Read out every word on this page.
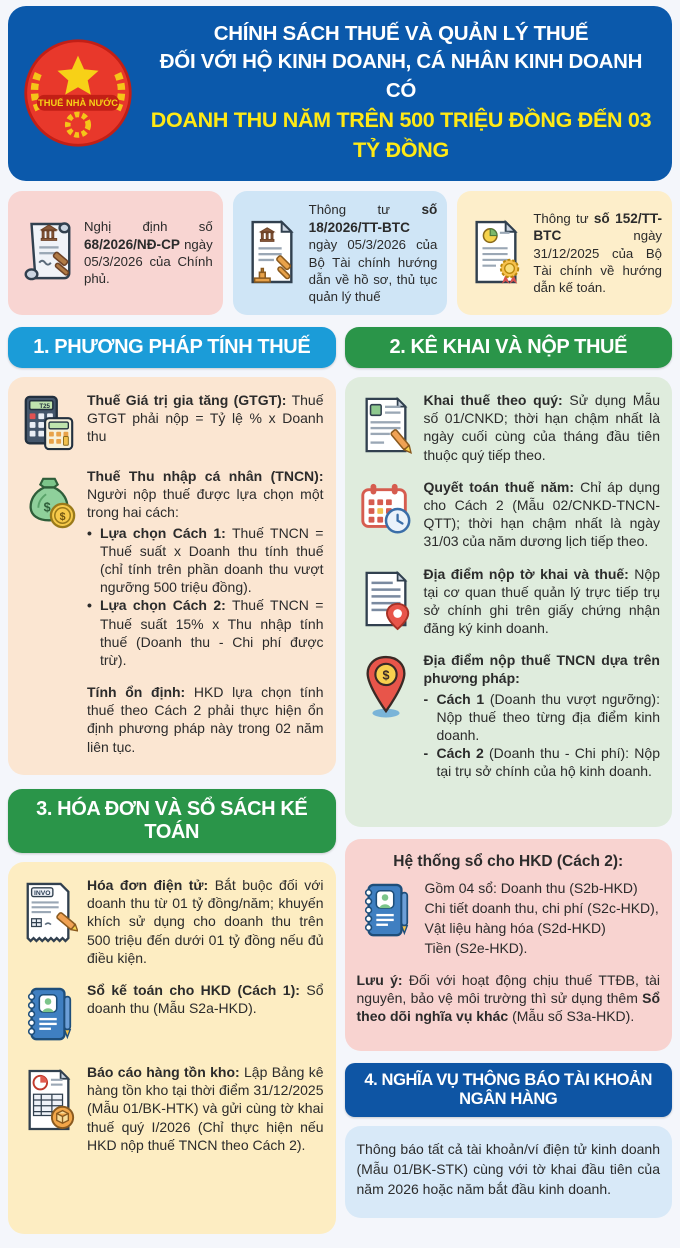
THUẾ NHÀ NƯỚC
CHÍNH SÁCH THUẾ VÀ QUẢN LÝ THUẾ
ĐỐI VỚI HỘ KINH DOANH, CÁ NHÂN KINH DOANH CÓ
DOANH THU NĂM TRÊN 500 TRIỆU ĐỒNG ĐẾN 03 TỶ ĐỒNG

Nghị định số 68/2026/NĐ-CP ngày 05/3/2026 của Chính phủ.

Thông tư số 18/2026/TT-BTC ngày 05/3/2026 của Bộ Tài chính hướng dẫn về hồ sơ, thủ tục quản lý thuế

Thông tư số 152/TT-BTC ngày 31/12/2025 của Bộ Tài chính về hướng dẫn kế toán.

1. PHƯƠNG PHÁP TÍNH THUẾ
T25	Thuế Giá trị gia tăng (GTGT): Thuế GTGT phải nộp = Tỷ lệ % x Doanh thu

$
$

Thuế Thu nhập cá nhân (TNCN): Người nộp thuế được lựa chọn một trong hai cách:

• Lựa chọn Cách 1: Thuế TNCN = Thuế suất x Doanh thu tính thuế (chỉ tính trên phần doanh thu vượt ngưỡng 500 triệu đồng).

• Lựa chọn Cách 2: Thuế TNCN = Thuế suất 15% x Thu nhập tính thuế (Doanh thu - Chi phí được trừ).

Tính ổn định: HKD lựa chọn tính thuế theo Cách 2 phải thực hiện ổn định phương pháp này trong 02 năm liên tục.

3. HÓA ĐƠN VÀ SỔ SÁCH KẾ TOÁN
INVO

Hóa đơn điện tử: Bắt buộc đối với doanh thu từ 01 tỷ đồng/năm; khuyến khích sử dụng cho doanh thu trên 500 triệu đến dưới 01 tỷ đồng nếu đủ điều kiện.

Sổ kế toán cho HKD (Cách 1): Sổ doanh thu (Mẫu S2a-HKD).

Báo cáo hàng tồn kho: Lập Bảng kê hàng tồn kho tại thời điểm 31/12/2025 (Mẫu 01/BK-HTK) và gửi cùng tờ khai thuế quý I/2026 (Chỉ thực hiện nếu HKD nộp thuế TNCN theo Cách 2).

2. KÊ KHAI VÀ NỘP THUẾ

Khai thuế theo quý: Sử dụng Mẫu số 01/CNKD; thời hạn chậm nhất là ngày cuối cùng của tháng đầu tiên thuộc quý tiếp theo.

Quyết toán thuế năm: Chỉ áp dụng cho Cách 2 (Mẫu 02/CNKD-TNCN-QTT); thời hạn chậm nhất là ngày 31/03 của năm dương lịch tiếp theo.

Địa điểm nộp tờ khai và thuế: Nộp tại cơ quan thuế quản lý trực tiếp trụ sở chính ghi trên giấy chứng nhận đăng ký kinh doanh.

$

Địa điểm nộp thuế TNCN dựa trên phương pháp:

- Cách 1 (Doanh thu vượt ngưỡng): Nộp thuế theo từng địa điểm kinh doanh.

- Cách 2 (Doanh thu - Chi phí): Nộp tại trụ sở chính của hộ kinh doanh.

Hệ thống sổ cho HKD (Cách 2):

Gồm 04 sổ: Doanh thu (S2b-HKD)
Chi tiết doanh thu, chi phí (S2c-HKD),
Vật liệu hàng hóa (S2d-HKD)
Tiền (S2e-HKD).

Lưu ý: Đối với hoạt động chịu thuế TTĐB, tài nguyên, bảo vệ môi trường thì sử dụng thêm Sổ theo dõi nghĩa vụ khác (Mẫu số S3a-HKD).

4. NGHĨA VỤ THÔNG BÁO TÀI KHOẢN NGÂN HÀNG

Thông báo tất cả tài khoản/ví điện tử kinh doanh (Mẫu 01/BK-STK) cùng với tờ khai đầu tiên của năm 2026 hoặc năm bắt đầu kinh doanh.
